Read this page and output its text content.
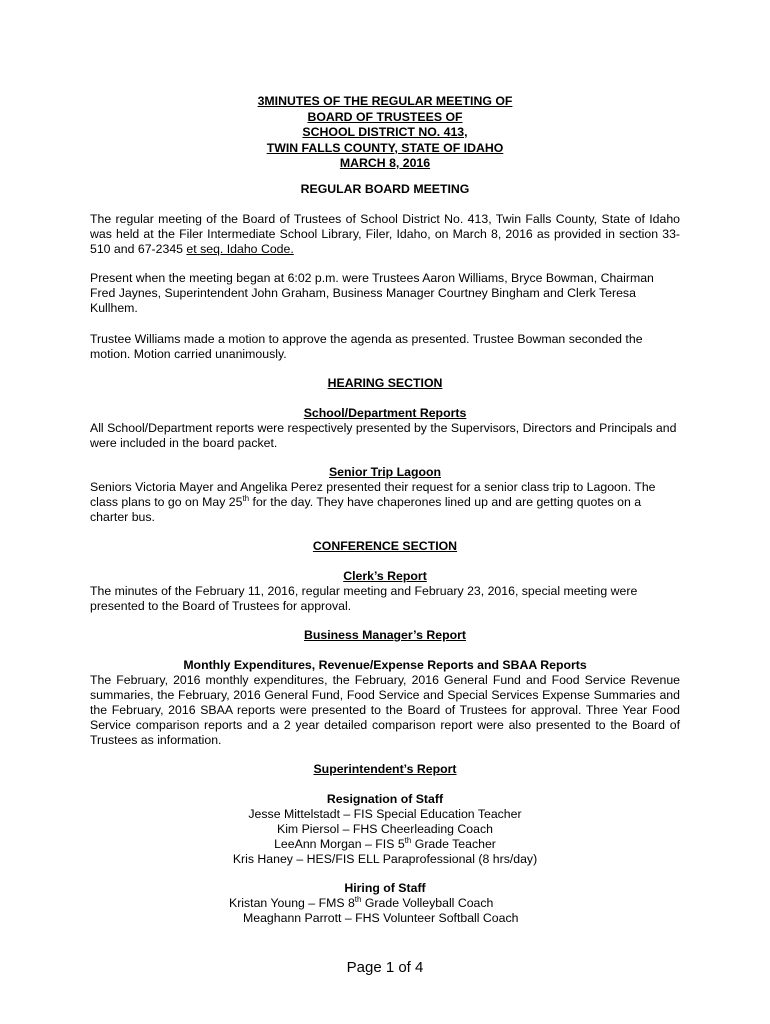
3MINUTES OF THE REGULAR MEETING OF
BOARD OF TRUSTEES OF
SCHOOL DISTRICT NO. 413,
TWIN FALLS COUNTY, STATE OF IDAHO
MARCH 8, 2016
REGULAR BOARD MEETING
The regular meeting of the Board of Trustees of School District No. 413, Twin Falls County, State of Idaho was held at the Filer Intermediate School Library, Filer, Idaho, on March 8, 2016 as provided in section 33-510 and 67-2345 et seq. Idaho Code.
Present when the meeting began at 6:02 p.m. were Trustees Aaron Williams, Bryce Bowman, Chairman Fred Jaynes, Superintendent John Graham, Business Manager Courtney Bingham and Clerk Teresa Kullhem.
Trustee Williams made a motion to approve the agenda as presented. Trustee Bowman seconded the motion. Motion carried unanimously.
HEARING SECTION
School/Department Reports
All School/Department reports were respectively presented by the Supervisors, Directors and Principals and were included in the board packet.
Senior Trip Lagoon
Seniors Victoria Mayer and Angelika Perez presented their request for a senior class trip to Lagoon. The class plans to go on May 25th for the day. They have chaperones lined up and are getting quotes on a charter bus.
CONFERENCE SECTION
Clerk’s Report
The minutes of the February 11, 2016, regular meeting and February 23, 2016, special meeting were presented to the Board of Trustees for approval.
Business Manager’s Report
Monthly Expenditures, Revenue/Expense Reports and SBAA Reports
The February, 2016 monthly expenditures, the February, 2016 General Fund and Food Service Revenue summaries, the February, 2016 General Fund, Food Service and Special Services Expense Summaries and the February, 2016 SBAA reports were presented to the Board of Trustees for approval. Three Year Food Service comparison reports and a 2 year detailed comparison report were also presented to the Board of Trustees as information.
Superintendent’s Report
Resignation of Staff
Jesse Mittelstadt – FIS Special Education Teacher
Kim Piersol – FHS Cheerleading Coach
LeeAnn Morgan – FIS 5th Grade Teacher
Kris Haney – HES/FIS ELL Paraprofessional (8 hrs/day)
Hiring of Staff
Kristan Young – FMS 8th Grade Volleyball Coach
Meaghann Parrott – FHS Volunteer Softball Coach
Page 1 of 4
